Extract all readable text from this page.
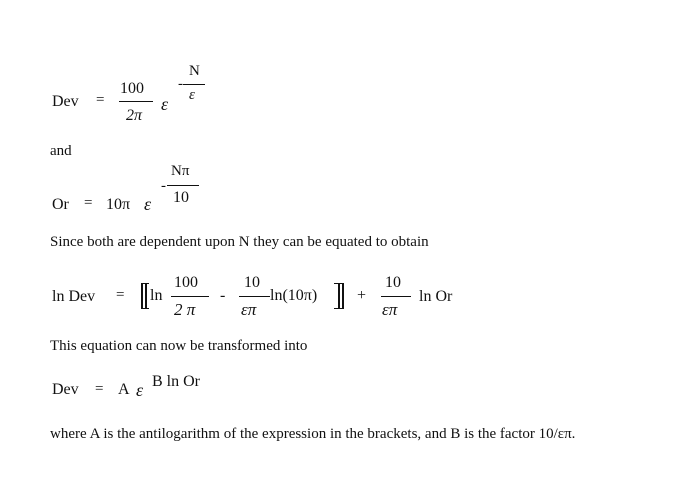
Dev =
100
2π
ε
-
N
ε
and
Or = 10π ε
-
Nπ
10
Since both are dependent upon N they can be equated to obtain
ln Dev = ln
100
2 π
-
10
επ
ln(10π) +
10
επ
ln Or
This equation can now be transformed into
Dev = A ε B ln Or
where A is the antilogarithm of the expression in the brackets, and B is the factor 10/επ.
